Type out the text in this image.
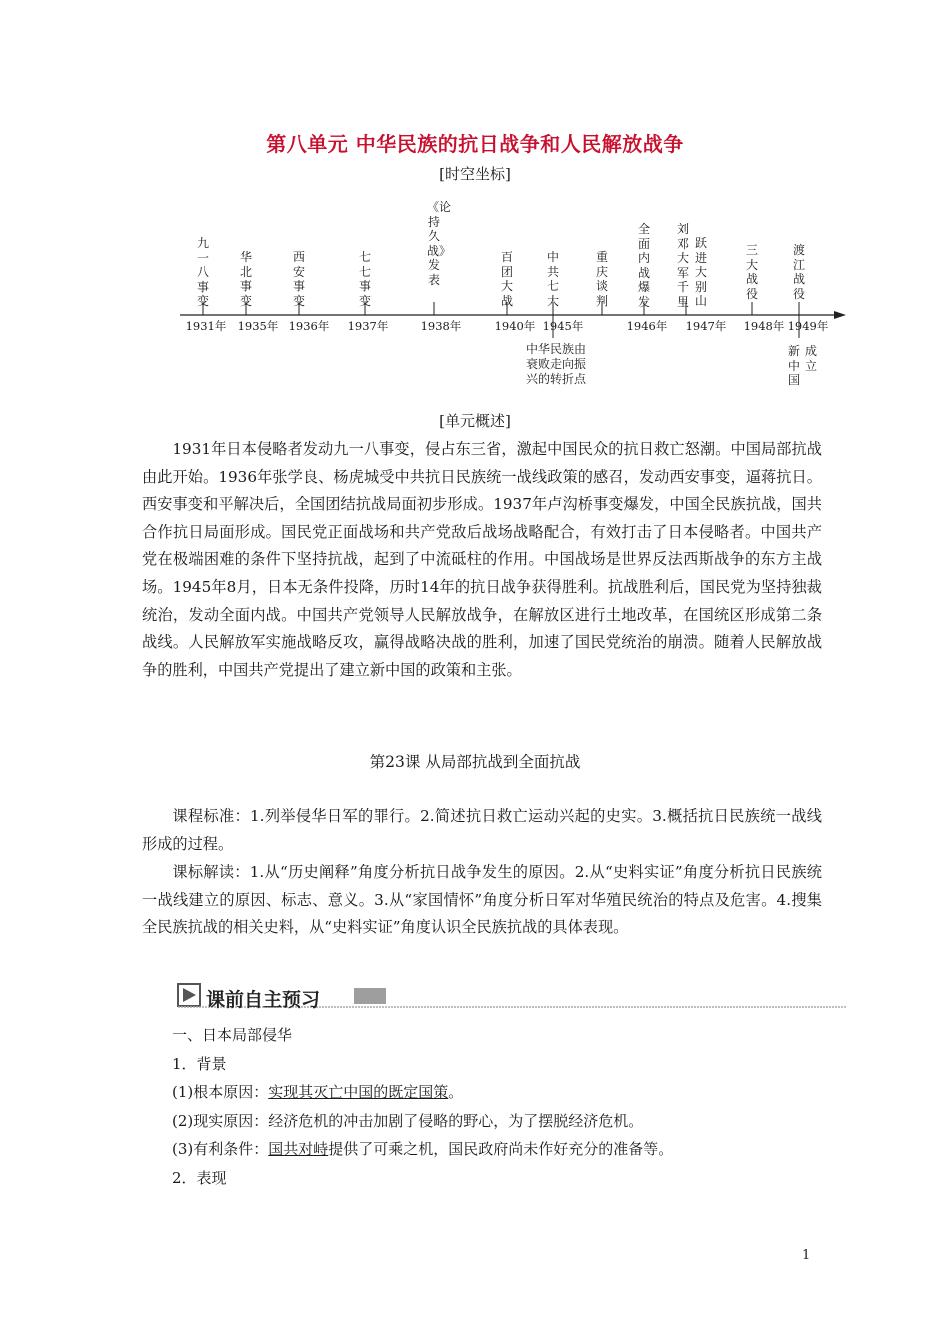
第八单元 中华民族的抗日战争和人民解放战争
[时空坐标]
九一八事变
华北事变
西安事变
七七事变
《论持久战》发表
百团大战
中共七大
重庆谈判
全面内战爆发
刘邓大军千里
跃进大别山
三大战役
渡江战役
1931年 1935年 1936年 1937年	1938年	1940年 1945年	1946年 1947年 1948年 1949年
中华民族由
衰败走向振
兴的转折点
新中国
成立
[单元概述]

1931年日本侵略者发动九一八事变，侵占东三省，激起中国民众的抗日救亡怒潮。中国局部抗战由此开始。1936年张学良、杨虎城受中共抗日民族统一战线政策的感召，发动西安事变，逼蒋抗日。西安事变和平解决后，全国团结抗战局面初步形成。1937年卢沟桥事变爆发，中国全民族抗战，国共合作抗日局面形成。国民党正面战场和共产党敌后战场战略配合，有效打击了日本侵略者。中国共产党在极端困难的条件下坚持抗战，起到了中流砥柱的作用。中国战场是世界反法西斯战争的东方主战场。1945年8月，日本无条件投降，历时14年的抗日战争获得胜利。抗战胜利后，国民党为坚持独裁统治，发动全面内战。中国共产党领导人民解放战争，在解放区进行土地改革，在国统区形成第二条战线。人民解放军实施战略反攻，赢得战略决战的胜利，加速了国民党统治的崩溃。随着人民解放战争的胜利，中国共产党提出了建立新中国的政策和主张。

第23课 从局部抗战到全面抗战

课程标准：1.列举侵华日军的罪行。2.简述抗日救亡运动兴起的史实。3.概括抗日民族统一战线形成的过程。

课标解读：1.从“历史阐释”角度分析抗日战争发生的原因。2.从“史料实证”角度分析抗日民族统一战线建立的原因、标志、意义。3.从“家国情怀”角度分析日军对华殖民统治的特点及危害。4.搜集全民族抗战的相关史料，从“史料实证”角度认识全民族抗战的具体表现。

课前自主预习
一、日本局部侵华
1．背景
(1)根本原因：实现其灭亡中国的既定国策。
(2)现实原因：经济危机的冲击加剧了侵略的野心，为了摆脱经济危机。
(3)有利条件：国共对峙提供了可乘之机，国民政府尚未作好充分的准备等。
2．表现
1
